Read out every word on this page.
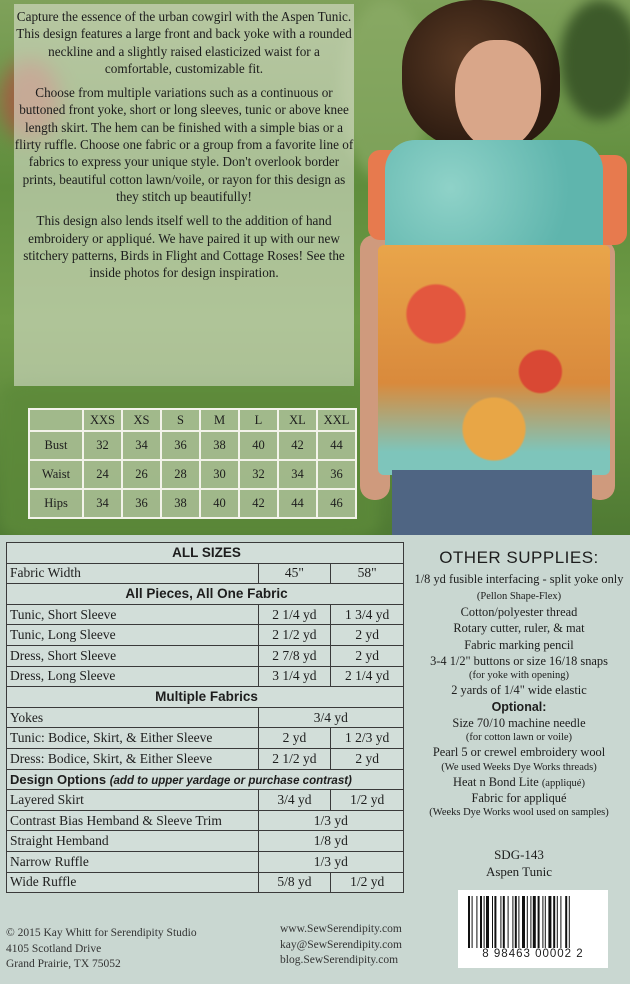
Capture the essence of the urban cowgirl with the Aspen Tunic. This design features a large front and back yoke with a rounded neckline and a slightly raised elasticized waist for a comfortable, customizable fit.

Choose from multiple variations such as a continuous or buttoned front yoke, short or long sleeves, tunic or above knee length skirt. The hem can be finished with a simple bias or a flirty ruffle. Choose one fabric or a group from a favorite line of fabrics to express your unique style. Don't overlook border prints, beautiful cotton lawn/voile, or rayon for this design as they stitch up beautifully!

This design also lends itself well to the addition of hand embroidery or appliqué. We have paired it up with our new stitchery patterns, Birds in Flight and Cottage Roses! See the inside photos for design inspiration.

	XXS	XS	S	M	L	XL	XXL
Bust	32	34	36	38	40	42	44
Waist	24	26	28	30	32	34	36
Hips	34	36	38	40	42	44	46
ALL SIZES		
Fabric Width	45"	58"
All Pieces, All One Fabric		
Tunic, Short Sleeve	2 1/4 yd	1 3/4 yd
Tunic, Long Sleeve	2 1/2 yd	2 yd
Dress, Short Sleeve	2 7/8 yd	2 yd
Dress, Long Sleeve	3 1/4 yd	2 1/4 yd
Multiple Fabrics		
Yokes	3/4 yd	
Tunic: Bodice, Skirt, & Either Sleeve	2 yd	1 2/3 yd
Dress: Bodice, Skirt, & Either Sleeve	2 1/2 yd	2 yd
Design Options (add to upper yardage or purchase contrast)		
Layered Skirt	3/4 yd	1/2 yd
Contrast Bias Hemband & Sleeve Trim	1/3 yd	
Straight Hemband	1/8 yd	
Narrow Ruffle	1/3 yd	
Wide Ruffle	5/8 yd	1/2 yd
OTHER SUPPLIES:
1/8 yd fusible interfacing - split yoke only (Pellon Shape-Flex)
Cotton/polyester thread
Rotary cutter, ruler, & mat
Fabric marking pencil
3-4 1/2" buttons or size 16/18 snaps
(for yoke with opening)
2 yards of 1/4" wide elastic
Optional:
Size 70/10 machine needle
(for cotton lawn or voile)
Pearl 5 or crewel embroidery wool
(We used Weeks Dye Works threads)
Heat n Bond Lite (appliqué)
Fabric for appliqué
(Weeks Dye Works wool used on samples)
SDG-143
Aspen Tunic
© 2015 Kay Whitt for Serendipity Studio
4105 Scotland Drive
Grand Prairie, TX 75052
www.SewSerendipity.com
kay@SewSerendipity.com
blog.SewSerendipity.com	8 98463 00002 2
